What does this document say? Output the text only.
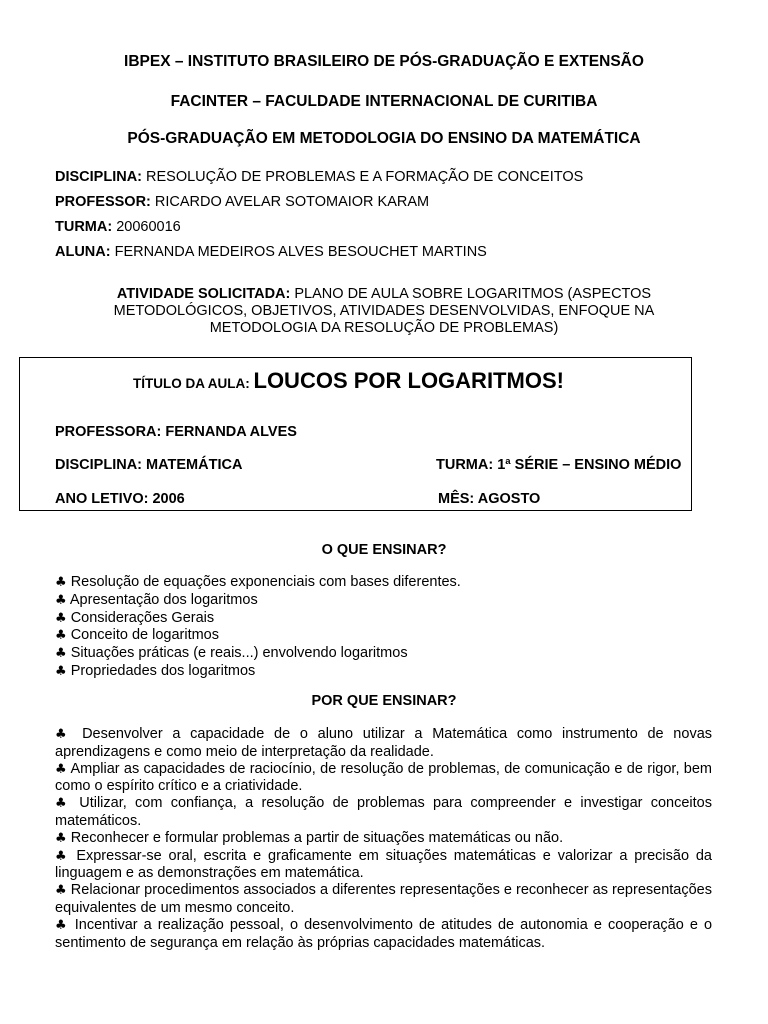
IBPEX – INSTITUTO BRASILEIRO DE PÓS-GRADUAÇÃO E EXTENSÃO
FACINTER – FACULDADE INTERNACIONAL DE CURITIBA
PÓS-GRADUAÇÃO EM METODOLOGIA DO ENSINO DA MATEMÁTICA
DISCIPLINA: RESOLUÇÃO DE PROBLEMAS E A FORMAÇÃO DE CONCEITOS
PROFESSOR: RICARDO AVELAR SOTOMAIOR KARAM
TURMA: 20060016
ALUNA: FERNANDA MEDEIROS ALVES BESOUCHET MARTINS
ATIVIDADE SOLICITADA: PLANO DE AULA SOBRE LOGARITMOS (ASPECTOS METODOLÓGICOS, OBJETIVOS, ATIVIDADES DESENVOLVIDAS, ENFOQUE NA METODOLOGIA DA RESOLUÇÃO DE PROBLEMAS)
TÍTULO DA AULA: LOUCOS POR LOGARITMOS!
PROFESSORA: FERNANDA ALVES
DISCIPLINA: MATEMÁTICA	TURMA: 1ª SÉRIE – ENSINO MÉDIO
ANO LETIVO: 2006	MÊS: AGOSTO
O QUE ENSINAR?
♣ Resolução de equações exponenciais com bases diferentes.
♣ Apresentação dos logaritmos
♣ Considerações Gerais
♣ Conceito de logaritmos
♣ Situações práticas (e reais...) envolvendo logaritmos
♣ Propriedades dos logaritmos
POR QUE ENSINAR?
♣ Desenvolver a capacidade de o aluno utilizar a Matemática como instrumento de novas aprendizagens e como meio de interpretação da realidade.
♣ Ampliar as capacidades de raciocínio, de resolução de problemas, de comunicação e de rigor, bem como o espírito crítico e a criatividade.
♣ Utilizar, com confiança, a resolução de problemas para compreender e investigar conceitos matemáticos.
♣ Reconhecer e formular problemas a partir de situações matemáticas ou não.
♣ Expressar-se oral, escrita e graficamente em situações matemáticas e valorizar a precisão da linguagem e as demonstrações em matemática.
♣ Relacionar procedimentos associados a diferentes representações e reconhecer as representações equivalentes de um mesmo conceito.
♣ Incentivar a realização pessoal, o desenvolvimento de atitudes de autonomia e cooperação e o sentimento de segurança em relação às próprias capacidades matemáticas.
